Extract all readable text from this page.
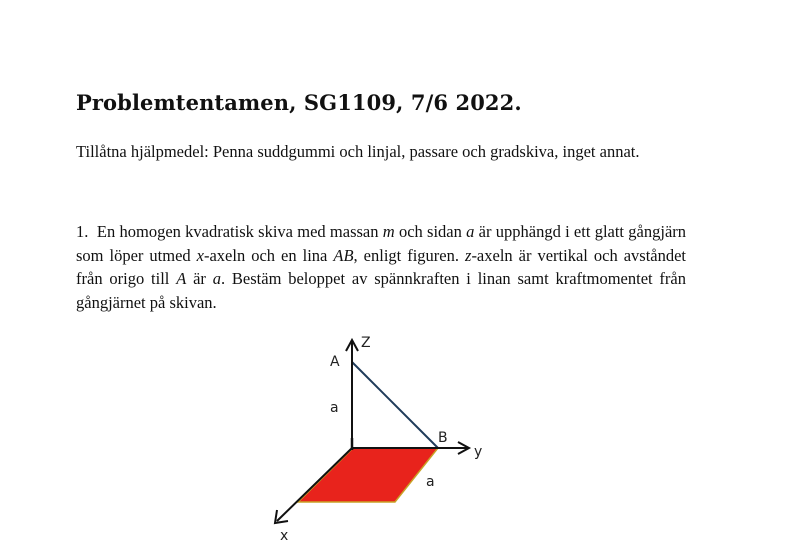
Problemtentamen, SG1109, 7/6 2022.
Tillåtna hjälpmedel: Penna suddgummi och linjal, passare och gradskiva, inget annat.
1. En homogen kvadratisk skiva med massan m och sidan a är upphängd i ett glatt gångjärn som löper utmed x-axeln och en lina AB, enligt figuren. z-axeln är vertikal och avståndet från origo till A är a. Bestäm beloppet av spännkraften i linan samt kraftmomentet från gångjärnet på skivan.
Z
A
a
B
y
a
x
